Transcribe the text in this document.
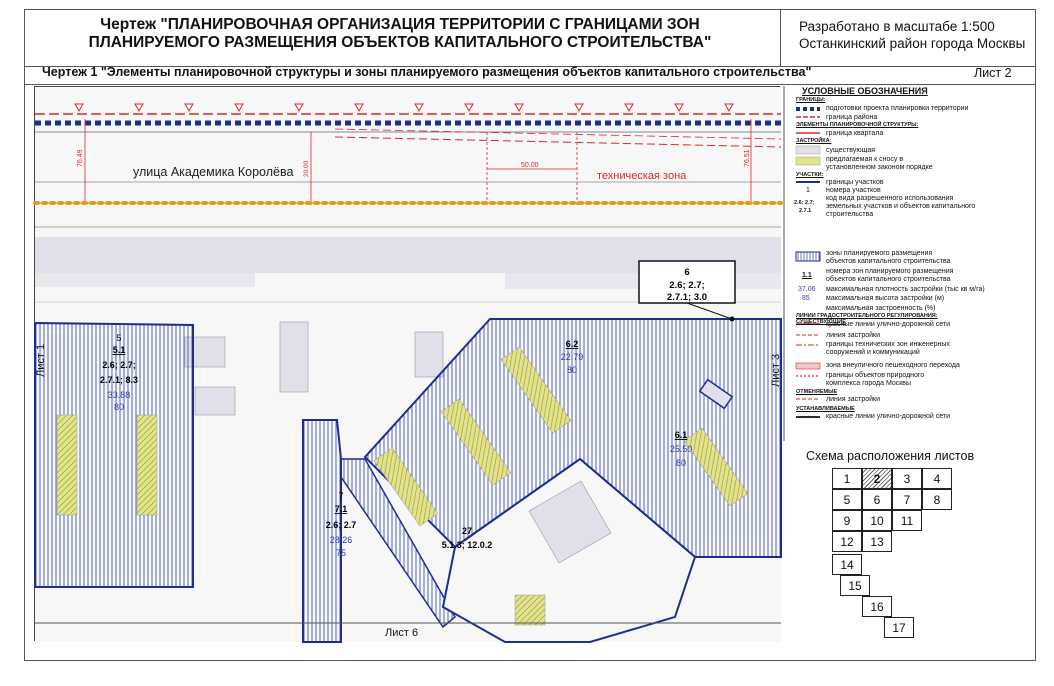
Чертеж "ПЛАНИРОВОЧНАЯ ОРГАНИЗАЦИЯ ТЕРРИТОРИИ С ГРАНИЦАМИ ЗОН
ПЛАНИРУЕМОГО РАЗМЕЩЕНИЯ ОБЪЕКТОВ КАПИТАЛЬНОГО СТРОИТЕЛЬСТВА"
Разработано в масштабе 1:500
Останкинский район города Москвы
Чертеж 1 "Элементы планировочной структуры и зоны планируемого размещения объектов капитального строительства"	Лист 2
улица Академика Королёва	техническая зона
50.00
76.49	76.51
20.00
Лист 1	Лист 3
Лист 6
5
5.1
2.6; 2.7;
2.7.1; 8.3
33.88
80
6
2.6; 2.7;
2.7.1; 3.0
6.2
22.79
80
6.1
25.50
80
7
7.1
2.6; 2.7
28.26
75
27
5.1.3; 12.0.2
УСЛОВНЫЕ ОБОЗНАЧЕНИЯ
ГРАНИЦЫ:
подготовки проекта планировки территории
граница района
ЭЛЕМЕНТЫ ПЛАНИРОВОЧНОЙ СТРУКТУРЫ:
граница квартала
ЗАСТРОЙКА:
существующая
предлагаемая к сносу в
установленном законом порядке
УЧАСТКИ:
границы участков
1 номера участков
2.6; 2.7;
2.7.1
код вида разрешенного использования
земельных участков и объектов капитального
строительства
зоны планируемого размещения
объектов капитального строительства
1.1
номера зон планируемого размещения
объектов капитального строительства
37.06 максимальная плотность застройки (тыс кв м/га)
85 максимальная высота застройки (м)
максимальная застроенность (%)
ЛИНИИ ГРАДОСТРОИТЕЛЬНОГО РЕГУЛИРОВАНИЯ:
СУЩЕСТВУЮЩИЕ
красные линии улично-дорожной сети
линия застройки
границы технических зон инженерных
сооружений и коммуникаций
зона внеуличного пешеходного перехода
границы объектов природного
комплекса города Москвы
ОТМЕНЯЕМЫЕ
линия застройки
УСТАНАВЛИВАЕМЫЕ
красные линии улично-дорожной сети
Схема расположения листов
1	2	3	4
5	6	7	8
9	10	11
12	13
14
15
16
17
